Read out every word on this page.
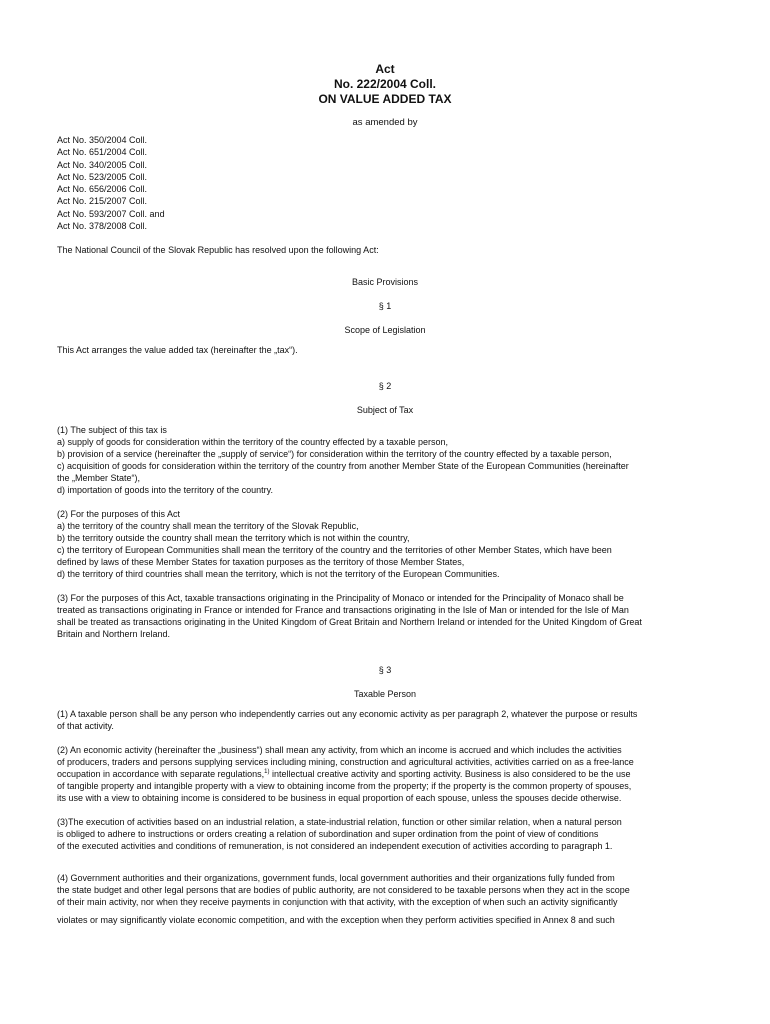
Act
No. 222/2004 Coll.
ON VALUE ADDED TAX
as amended by
Act No. 350/2004 Coll.
Act No. 651/2004 Coll.
Act No. 340/2005 Coll.
Act No. 523/2005 Coll.
Act No. 656/2006 Coll.
Act No. 215/2007 Coll.
Act No. 593/2007 Coll. and
Act No. 378/2008 Coll.
The National Council of the Slovak Republic has resolved upon the following Act:
Basic Provisions
§ 1
Scope of Legislation
This Act arranges the value added tax (hereinafter the „tax“).
§ 2
Subject of Tax
(1) The subject of this tax is
a) supply of goods for consideration within the territory of the country effected by a taxable person,
b) provision of a service (hereinafter the „supply of service“) for consideration within the territory of the country effected by a taxable person,
c) acquisition of goods for consideration within the territory of the country from another Member State of the European Communities (hereinafter
the „Member State“),
d) importation of goods into the territory of the country.
(2) For the purposes of this Act
a) the territory of the country shall mean the territory of the Slovak Republic,
b) the territory outside the country shall mean the territory which is not within the country,
c) the territory of European Communities shall mean the territory of the country and the territories of other Member States, which have been
defined by laws of these Member States for taxation purposes as the territory of those Member States,
d) the territory of third countries shall mean the territory, which is not the territory of the European Communities.
(3) For the purposes of this Act, taxable transactions originating in the Principality of Monaco or intended for the Principality of Monaco shall be
treated as transactions originating in France or intended for France and transactions originating in the Isle of Man or intended for the Isle of Man
shall be treated as transactions originating in the United Kingdom of Great Britain and Northern Ireland or intended for the United Kingdom of Great
Britain and Northern Ireland.
§ 3
Taxable Person
(1) A taxable person shall be any person who independently carries out any economic activity as per paragraph 2, whatever the purpose or results
of that activity.
(2) An economic activity (hereinafter the „business“) shall mean any activity, from which an income is accrued and which includes the activities
of producers, traders and persons supplying services including mining, construction and agricultural activities, activities carried on as a free-lance
occupation in accordance with separate regulations,$^{1)}$ intellectual creative activity and sporting activity. Business is also considered to be the use
of tangible property and intangible property with a view to obtaining income from the property; if the property is the common property of spouses,
its use with a view to obtaining income is considered to be business in equal proportion of each spouse, unless the spouses decide otherwise.
(3)The execution of activities based on an industrial relation, a state-industrial relation, function or other similar relation, when a natural person
is obliged to adhere to instructions or orders creating a relation of subordination and super ordination from the point of view of conditions
of the executed activities and conditions of remuneration, is not considered an independent execution of activities according to paragraph 1.
(4) Government authorities and their organizations, government funds, local government authorities and their organizations fully funded from
the state budget and other legal persons that are bodies of public authority, are not considered to be taxable persons when they act in the scope
of their main activity, nor when they receive payments in conjunction with that activity, with the exception of when such an activity significantly
violates or may significantly violate economic competition, and with the exception when they perform activities specified in Annex 8 and such
